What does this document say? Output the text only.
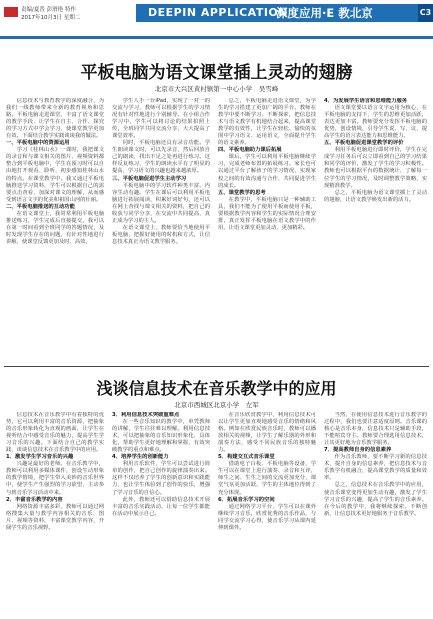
责编/夏普 彭滑艳 特作
2017年10月3日 星期二	DEEPIN APPLICATION
深度应用·E 教北京	C3
平板电脑为语文课堂插上灵动的翅膀
北京市大兴区黄村镇第一中心小学　吴雪峰

信息技术与教育教学的深度融合，为我们一线教师带来全新的教育视角和思路。平板电脑走进课堂，丰富了语文课堂的教学手段，让学生在自主、合作、探究的学习方式中学会学习，使课堂教学更加有效。下面结合教学实践谈谈我的做法。

一、平板电脑中的资源运用

学习《桂林山水》一课时，我把课文的录音和与课文相关的图片、视频资料都整合到平板电脑中，学生在预习时可以自由地打开观看、聆听，初步感知桂林山水的特点。在课堂教学中，我又通过平板电脑推送学习资料，学生可以根据自己的需要点击查看，加深对课文的理解，从而感受到语言文字的优美和祖国山河的壮丽。

二、平板电脑推送的互动功能

在语文课堂上，我常常利用平板电脑推送练习，学生完成后直接提交，我可以在第一时间看到全班同学的答题情况，及时发现学生存在的问题，有针对性地进行讲解，使课堂反馈更加及时、高效。

学生人手一台iPad，实现了一对一的交流与学习，教师可以根据学生的学习情况有针对性地进行个别辅导。在小组合作学习中，学生可以将讨论的结果拍照上传，全班同学共同交流分享，大大提高了课堂效率。

同时，平板电脑还具有录音功能。学生朗读课文时，可以先录音，然后回放自己的朗读，找出不足之处再进行练习。这样反复练习，学生的朗读水平有了明显的提高，学习语文的兴趣也越来越浓厚。

三、平板电脑促进学生主动学习

平板电脑中的学习软件种类丰富，内容生动有趣。学生在课后可以利用平板电脑进行拓展阅读，积累好词好句，还可以在网上查找与课文相关的资料，把自己的收获与同学分享，在交流中共同提高，真正成为学习的主人。

在语文课堂上，教师要恰当地使用平板电脑，把握好使用的时机和方式，让信息技术真正为语文教学服务。

总之，平板电脑走进语文课堂，为学生的学习搭建了更加广阔的平台。教师在教学中要不断学习、不断探索，把信息技术与语文教学有机地结合起来，提高课堂教学的有效性，让学生在轻松、愉快的氛围中学习语文、运用语文，全面提升学生的语文素养。

四、平板电脑助力课后拓展

课后，学生可以利用平板电脑继续学习，完成老师布置的拓展练习。家长也可以通过平台了解孩子的学习情况，实现家校之间的有效沟通与合作，共同促进学生的成长。

五、课堂教学的思考

在教学中，平板电脑只是一种辅助工具，我们不能为了使用平板而使用平板，要根据教学内容和学生的实际情况合理安排，真正发挥平板电脑在语文教学中的作用，让语文课堂更加灵动、更加精彩。

4．为发展学生语言和思维能力服务

语文课堂要以语言文字运用为核心，在平板电脑的支持下，学生的思维更加活跃，表达更加丰富。教师要充分发挥平板电脑的优势，创设情境，引导学生说、写、议，提高学生的语言表达能力和思维能力。

五、平板电脑促进课堂教学的评价

利用平板电脑进行即时评价，学生在完成学习任务后可以立即看到自己的学习结果和同学的评价，激发了学生的学习积极性。教师也可以根据平台的数据统计，了解每一位学生的学习情况，及时调整教学策略，实现精准教学。

总之，平板电脑为语文课堂插上了灵动的翅膀，让语文教学焕发出新的活力。

浅谈信息技术在音乐教学中的应用
北京市西城区北京小学　左军

信息技术在音乐教学中有着独特的优势，它可以利用丰富的音乐资源，把抽象的音乐形象转化为直观的画面，让学生在视听结合中感受音乐的魅力，提高学生学习音乐的兴趣。下面结合自己的教学实践，谈谈信息技术在音乐教学中的应用。

1．激发学生学习音乐的兴趣

兴趣是最好的老师。在音乐教学中，教师可以利用多媒体课件，创设生动形象的教学情境，把学生带入美妙的音乐世界中，使学生产生强烈的学习欲望，主动参与到音乐学习活动中来。

2．丰富音乐教学的内容

网络资源丰富多彩，教师可以通过网络搜集大量与教学内容相关的音乐、图片、视频等资料，丰富课堂教学内容，开阔学生的音乐视野。

3．利用信息技术突破重难点

在一些音乐知识的教学中，单凭教师的讲解，学生往往难以理解。利用信息技术，可以把抽象的音乐知识形象化、具体化，帮助学生更好地理解和掌握，有效突破教学的重点和难点。

4．培养学生的创新能力

利用音乐软件，学生可以尝试进行简单的创作，把自己创作的旋律演奏出来。这样不仅培养了学生的创新意识和实践能力，也让学生体验到了创作的快乐，增强了学习音乐的自信心。

此外，教师还可以借助信息技术开展丰富的音乐实践活动，让每一位学生都能在活动中展示自己。

在音乐欣赏教学中，利用信息技术可以让学生更加直观地感受音乐的情绪和风格。例如在欣赏民族音乐时，教师可以播放相关的视频，让学生了解乐器的外形和演奏方法，感受不同民族音乐的独特魅力。

5．构建交互式音乐课堂

借助电子白板、平板电脑等设备，学生可以在课堂上进行演奏、录音和互评，师生之间、生生之间的交流更加充分，课堂气氛更加活跃，学生的主体地位得到了充分体现。

6．拓展音乐学习的空间

通过网络学习平台，学生可以在课外继续学习音乐，欣赏优秀的音乐作品，与同学交流学习心得，使音乐学习从课内延伸到课外。

当然，在使用信息技术进行音乐教学的过程中，我们也要注意适度原则。音乐课的核心是音乐本身，信息技术只是辅助手段，不能喧宾夺主。教师要合理选用信息技术，让其更好地为音乐教学服务。

7．提高教师自身的信息素养

作为音乐教师，要不断学习新的信息技术，提升自身的信息素养，把信息技术与音乐教学有机融合，提高课堂教学的质量和效率。

总之，信息技术在音乐教学中的应用，使音乐课堂变得更加生动有趣，激发了学生学习音乐的兴趣，提高了学生的音乐素养。在今后的教学中，我将继续探索，不断创新，让信息技术更好地服务于音乐教学。
